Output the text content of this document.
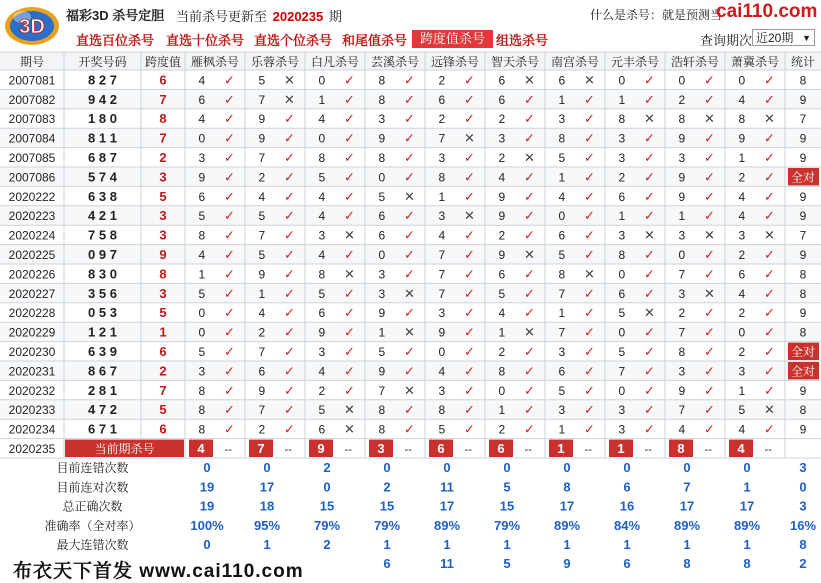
3D
福彩3D 杀号定胆 当前杀号更新至 2020235 期	什么是杀号：就是预测当
cai110.com
直选百位杀号 直选十位杀号 直选个位杀号 和尾值杀号 跨度值杀号 组选杀号	查询期次 近20期 ▼
期号	开奖号码 跨度值 雁枫杀号 乐蓉杀号 白凡杀号 芸溪杀号 远锋杀号 智天杀号 南宫杀号 元丰杀号 浩轩杀号 萧冀杀号 统计
2007081	8 2 7	6	4 ✓ 5 ✕ 0 ✓ 8 ✓ 2 ✓ 6 ✕ 6 ✕ 0 ✓ 0 ✓ 0 ✓ 8
2007082	9 4 2	7	6 ✓ 7 ✕ 1 ✓ 8 ✓ 6 ✓ 6 ✓ 1 ✓ 1 ✓ 2 ✓ 4 ✓ 9
2007083	1 8 0	8	4 ✓ 9 ✓ 4 ✓ 3 ✓ 2 ✓ 2 ✓ 3 ✓ 8 ✕ 8 ✕ 8 ✕ 7
2007084	8 1 1	7	0 ✓ 9 ✓ 0 ✓ 9 ✓ 7 ✕ 3 ✓ 8 ✓ 3 ✓ 9 ✓ 9 ✓ 9
2007085	6 8 7	2	3 ✓ 7 ✓ 8 ✓ 8 ✓ 3 ✓ 2 ✕ 5 ✓ 3 ✓ 3 ✓ 1 ✓ 9
2007086	5 7 4	3	9 ✓ 2 ✓ 5 ✓ 0 ✓ 8 ✓ 4 ✓ 1 ✓ 2 ✓ 9 ✓ 2 ✓ 全对
2020222	6 3 8	5	6 ✓ 4 ✓ 4 ✓ 5 ✕ 1 ✓ 9 ✓ 4 ✓ 6 ✓ 9 ✓ 4 ✓ 9
2020223	4 2 1	3	5 ✓ 5 ✓ 4 ✓ 6 ✓ 3 ✕ 9 ✓ 0 ✓ 1 ✓ 1 ✓ 4 ✓ 9
2020224	7 5 8	3	8 ✓ 7 ✓ 3 ✕ 6 ✓ 4 ✓ 2 ✓ 6 ✓ 3 ✕ 3 ✕ 3 ✕ 7
2020225	0 9 7	9	4 ✓ 5 ✓ 4 ✓ 0 ✓ 7 ✓ 9 ✕ 5 ✓ 8 ✓ 0 ✓ 2 ✓ 9
2020226	8 3 0	8	1 ✓ 9 ✓ 8 ✕ 3 ✓ 7 ✓ 6 ✓ 8 ✕ 0 ✓ 7 ✓ 6 ✓ 8
2020227	3 5 6	3	5 ✓ 1 ✓ 5 ✓ 3 ✕ 7 ✓ 5 ✓ 7 ✓ 6 ✓ 3 ✕ 4 ✓ 8
2020228	0 5 3	5	0 ✓ 4 ✓ 6 ✓ 9 ✓ 3 ✓ 4 ✓ 1 ✓ 5 ✕ 2 ✓ 2 ✓ 9
2020229	1 2 1	1	0 ✓ 2 ✓ 9 ✓ 1 ✕ 9 ✓ 1 ✕ 7 ✓ 0 ✓ 7 ✓ 0 ✓ 8
2020230	6 3 9	6	5 ✓ 7 ✓ 3 ✓ 5 ✓ 0 ✓ 2 ✓ 3 ✓ 5 ✓ 8 ✓ 2 ✓ 全对
2020231	8 6 7	2	3 ✓ 6 ✓ 4 ✓ 9 ✓ 4 ✓ 8 ✓ 6 ✓ 7 ✓ 3 ✓ 3 ✓ 全对
2020232	2 8 1	7	8 ✓ 9 ✓ 2 ✓ 7 ✕ 3 ✓ 0 ✓ 5 ✓ 0 ✓ 9 ✓ 1 ✓ 9
2020233	4 7 2	5	8 ✓ 7 ✓ 5 ✕ 8 ✓ 8 ✓ 1 ✓ 3 ✓ 3 ✓ 7 ✓ 5 ✕ 8
2020234	6 7 1	6	8 ✓ 2 ✓ 6 ✕ 8 ✓ 5 ✓ 2 ✓ 1 ✓ 3 ✓ 4 ✓ 4 ✓ 9
2020235	当前期杀号	4 -- 7 -- 9 -- 3 -- 6 -- 6 -- 1 -- 1 -- 8 -- 4 --
目前连错次数	0	0	2	0	0	0	0	0	0	0	3
目前连对次数	19	17	0	2	11	5	8	6	7	1	0
总正确次数	19	18	15	15	17	15	17	16	17	17	3
准确率（全对率）	100% 95%	79%	79%	89%	79%	89%	84%	89%	89% 16%
最大连错次数	0	1	2	1	1	1	1	1	1	1	8
6	11	5	9	6	8	8	2
布衣天下首发 www.cai110.com
